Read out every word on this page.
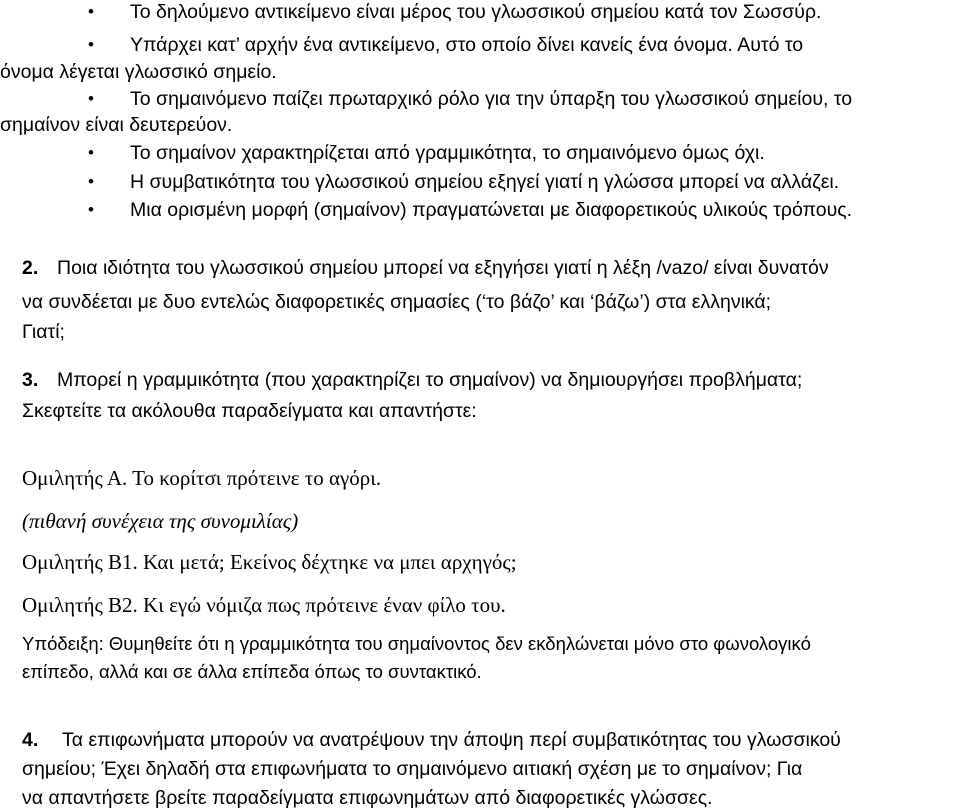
• Το δηλούμενο αντικείμενο είναι μέρος του γλωσσικού σημείου κατά τον Σωσσύρ.
• Υπάρχει κατ’ αρχήν ένα αντικείμενο, στο οποίο δίνει κανείς ένα όνομα. Αυτό το
όνομα λέγεται γλωσσικό σημείο.
• Το σημαινόμενο παίζει πρωταρχικό ρόλο για την ύπαρξη του γλωσσικού σημείου, το
σημαίνον είναι δευτερεύον.
• Το σημαίνον χαρακτηρίζεται από γραμμικότητα, το σημαινόμενο όμως όχι.
• Η συμβατικότητα του γλωσσικού σημείου εξηγεί γιατί η γλώσσα μπορεί να αλλάζει.
• Μια ορισμένη μορφή (σημαίνον) πραγματώνεται με διαφορετικούς υλικούς τρόπους.
2. Ποια ιδιότητα του γλωσσικού σημείου μπορεί να εξηγήσει γιατί η λέξη /vazo/ είναι δυνατόν
να συνδέεται με δυο εντελώς διαφορετικές σημασίες (‘το βάζο’ και ‘βάζω’) στα ελληνικά;
Γιατί;
3. Μπορεί η γραμμικότητα (που χαρακτηρίζει το σημαίνον) να δημιουργήσει προβλήματα;
Σκεφτείτε τα ακόλουθα παραδείγματα και απαντήστε:
Ομιλητής Α. Το κορίτσι πρότεινε το αγόρι.
(πιθανή συνέχεια της συνομιλίας)
Ομιλητής Β1. Και μετά; Εκείνος δέχτηκε να μπει αρχηγός;
Ομιλητής Β2. Κι εγώ νόμιζα πως πρότεινε έναν φίλο του.
Υπόδειξη: Θυμηθείτε ότι η γραμμικότητα του σημαίνοντος δεν εκδηλώνεται μόνο στο φωνολογικό
επίπεδο, αλλά και σε άλλα επίπεδα όπως το συντακτικό.
4. Τα επιφωνήματα μπορούν να ανατρέψουν την άποψη περί συμβατικότητας του γλωσσικού
σημείου; Έχει δηλαδή στα επιφωνήματα το σημαινόμενο αιτιακή σχέση με το σημαίνον; Για
να απαντήσετε βρείτε παραδείγματα επιφωνημάτων από διαφορετικές γλώσσες.
